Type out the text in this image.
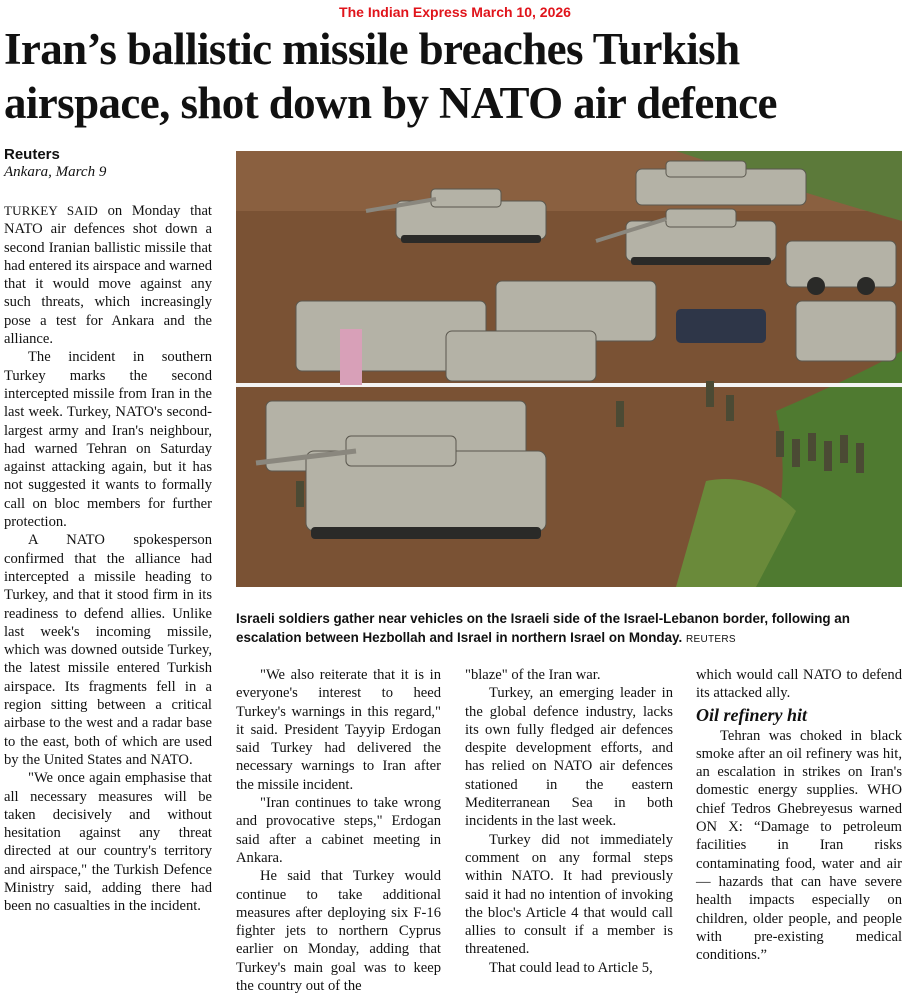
The Indian Express March 10, 2026
Iran’s ballistic missile breaches Turkish airspace, shot down by NATO air defence
Reuters
Ankara, March 9

TURKEY SAID on Monday that NATO air defences shot down a second Iranian ballistic missile that had entered its airspace and warned that it would move against any such threats, which increasingly pose a test for Ankara and the alliance.

The incident in southern Turkey marks the second intercepted missile from Iran in the last week. Turkey, NATO's second-largest army and Iran's neighbour, had warned Tehran on Saturday against attacking again, but it has not suggested it wants to formally call on bloc members for further protection.

A NATO spokesperson confirmed that the alliance had intercepted a missile heading to Turkey, and that it stood firm in its readiness to defend allies. Unlike last week's incoming missile, which was downed outside Turkey, the latest missile entered Turkish airspace. Its fragments fell in a region sitting between a critical airbase to the west and a radar base to the east, both of which are used by the United States and NATO.

"We once again emphasise that all necessary measures will be taken decisively and without hesitation against any threat directed at our country's territory and airspace," the Turkish Defence Ministry said, adding there had been no casualties in the incident.

Israeli soldiers gather near vehicles on the Israeli side of the Israel-Lebanon border, following an escalation between Hezbollah and Israel in northern Israel on Monday. REUTERS

"We also reiterate that it is in everyone's interest to heed Turkey's warnings in this regard," it said. President Tayyip Erdogan said Turkey had delivered the necessary warnings to Iran after the missile incident.

"Iran continues to take wrong and provocative steps," Erdogan said after a cabinet meeting in Ankara.

He said that Turkey would continue to take additional measures after deploying six F-16 fighter jets to northern Cyprus earlier on Monday, adding that Turkey's main goal was to keep the country out of the

"blaze" of the Iran war.

Turkey, an emerging leader in the global defence industry, lacks its own fully fledged air defences despite development efforts, and has relied on NATO air defences stationed in the eastern Mediterranean Sea in both incidents in the last week.

Turkey did not immediately comment on any formal steps within NATO. It had previously said it had no intention of invoking the bloc's Article 4 that would call allies to consult if a member is threatened.

That could lead to Article 5,

which would call NATO to defend its attacked ally.

Oil refinery hit

Tehran was choked in black smoke after an oil refinery was hit, an escalation in strikes on Iran's domestic energy supplies. WHO chief Tedros Ghebreyesus warned ON X: “Damage to petroleum facilities in Iran risks contaminating food, water and air — hazards that can have severe health impacts especially on children, older people, and people with pre-existing medical conditions.”
